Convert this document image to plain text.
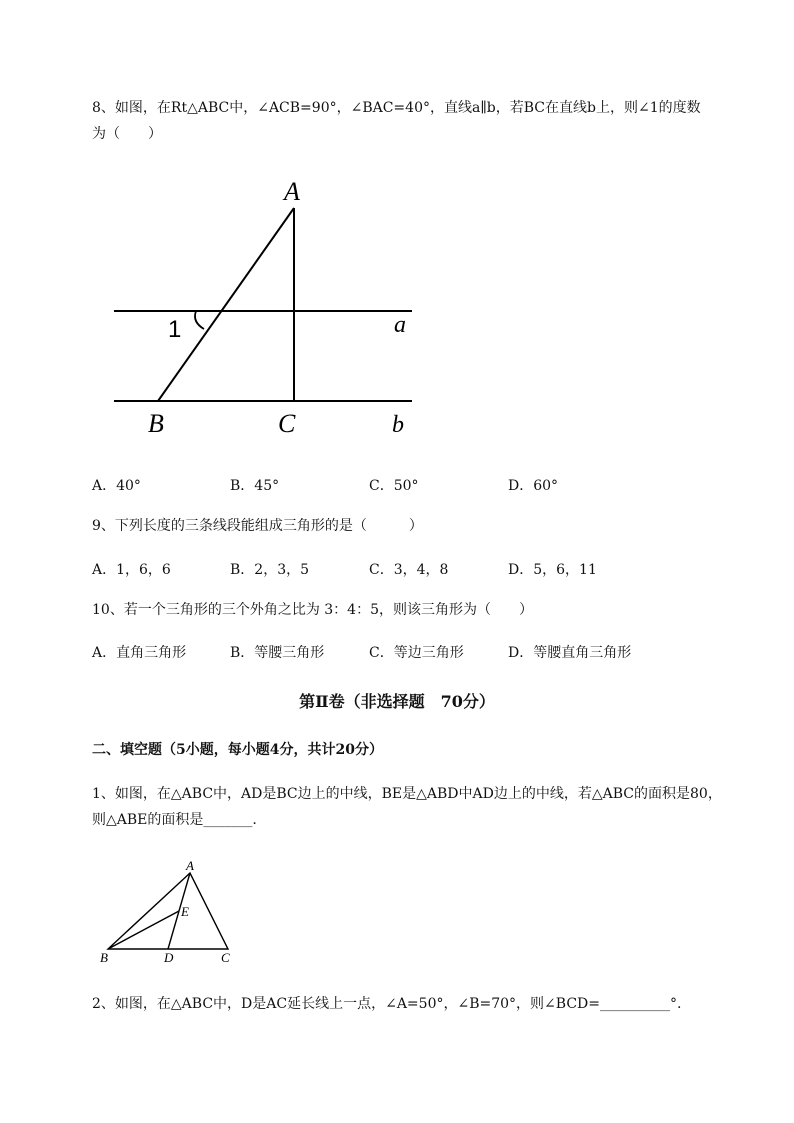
8、如图，在Rt△ABC中，∠ACB=90°，∠BAC=40°，直线a∥b，若BC在直线b上，则∠1的度数
为（　　）
A
B	C
a
b
1
A．40°	B．45°	C．50°	D．60°
9、下列长度的三条线段能组成三角形的是（　　　）
A．1，6，6	B．2，3，5	C．3，4，8	D．5，6，11
10、若一个三角形的三个外角之比为 3：4：5，则该三角形为（　　）
A．直角三角形	B．等腰三角形	C．等边三角形	D．等腰直角三角形
第Ⅱ卷（非选择题　70分）
二、填空题（5小题，每小题4分，共计20分）
1、如图，在△ABC中，AD是BC边上的中线，BE是△ABD中AD边上的中线，若△ABC的面积是80，
则△ABE的面积是_______.
A
B	D	C
E
2、如图，在△ABC中，D是AC延长线上一点，∠A=50°，∠B=70°，则∠BCD=__________°.
